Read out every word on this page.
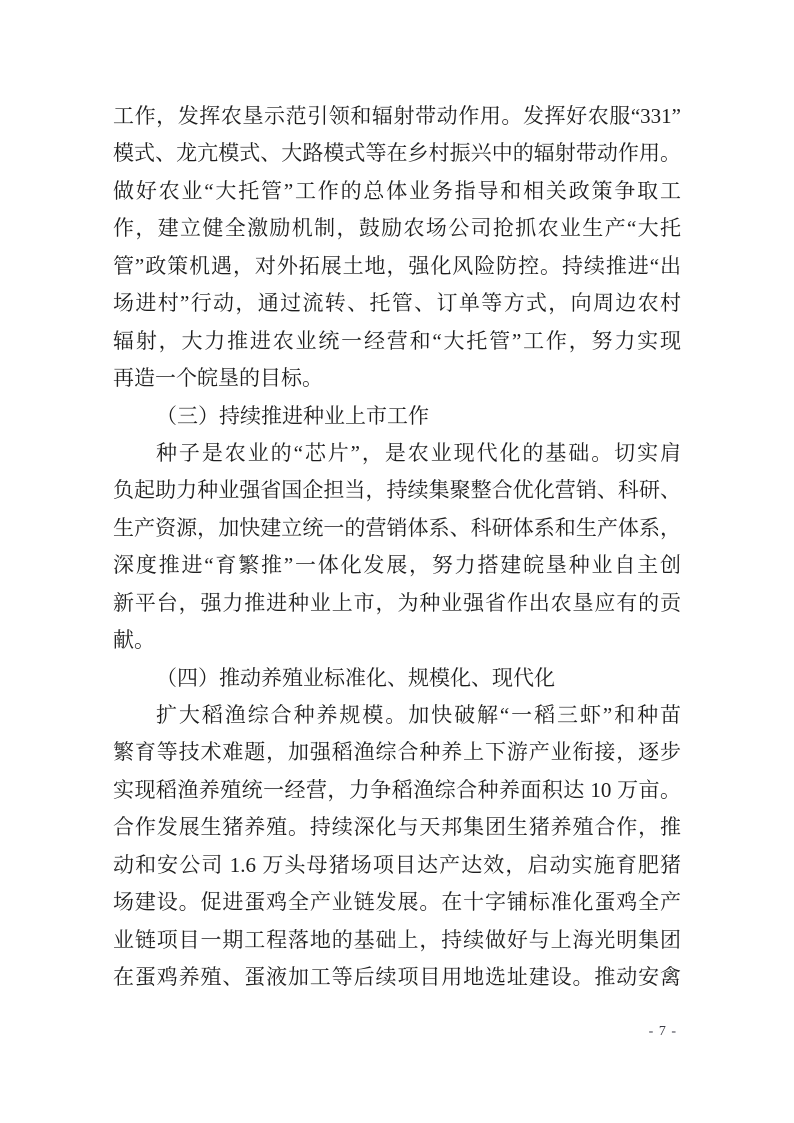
工作，发挥农垦示范引领和辐射带动作用。发挥好农服“331”
模式、龙亢模式、大路模式等在乡村振兴中的辐射带动作用。
做好农业“大托管”工作的总体业务指导和相关政策争取工
作，建立健全激励机制，鼓励农场公司抢抓农业生产“大托
管”政策机遇，对外拓展土地，强化风险防控。持续推进“出
场进村”行动，通过流转、托管、订单等方式，向周边农村
辐射，大力推进农业统一经营和“大托管”工作，努力实现
再造一个皖垦的目标。
（三）持续推进种业上市工作
种子是农业的“芯片”，是农业现代化的基础。切实肩
负起助力种业强省国企担当，持续集聚整合优化营销、科研、
生产资源，加快建立统一的营销体系、科研体系和生产体系，
深度推进“育繁推”一体化发展，努力搭建皖垦种业自主创
新平台，强力推进种业上市，为种业强省作出农垦应有的贡
献。
（四）推动养殖业标准化、规模化、现代化
扩大稻渔综合种养规模。加快破解“一稻三虾”和种苗
繁育等技术难题，加强稻渔综合种养上下游产业衔接，逐步
实现稻渔养殖统一经营，力争稻渔综合种养面积达 10 万亩。
合作发展生猪养殖。持续深化与天邦集团生猪养殖合作，推
动和安公司 1.6 万头母猪场项目达产达效，启动实施育肥猪
场建设。促进蛋鸡全产业链发展。在十字铺标准化蛋鸡全产
业链项目一期工程落地的基础上，持续做好与上海光明集团
在蛋鸡养殖、蛋液加工等后续项目用地选址建设。推动安禽
- 7 -
